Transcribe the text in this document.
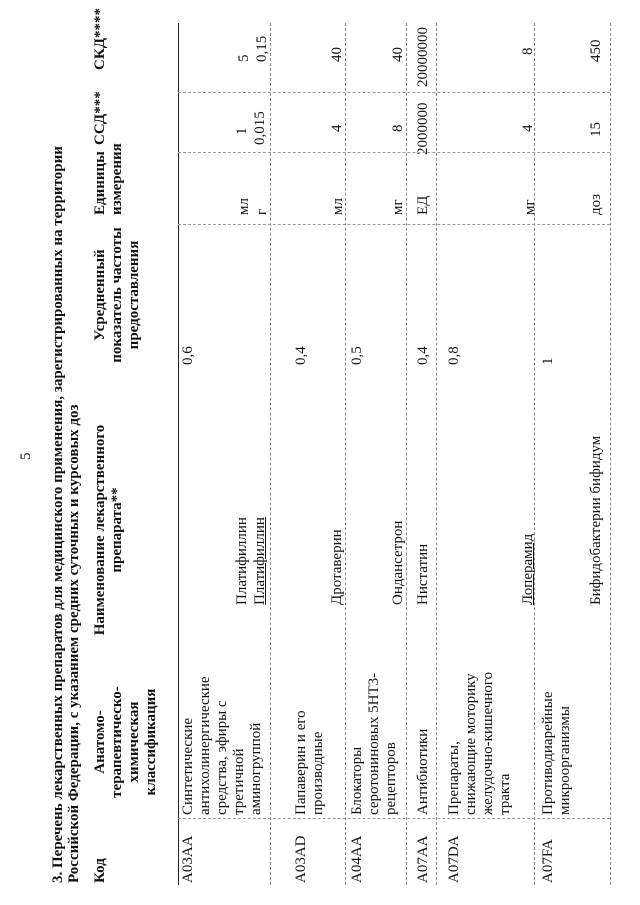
5 3. Перечень лекарственных препаратов для медицинского применения, зарегистрированных на территории Российской Федерации, с указанием средних суточных и курсовых доз Код
Анатомо-терапевтическо-химическая классификация
Наименование лекарственного препарата**
Усредненный показатель частоты предоставления
Единицы измерения
ССД***
СКД****
A03AA
Синтетические антихолинергические средства, эфиры с третичной аминогруппой
0,6
Платифиллин
мл
1
5
Платифиллин
г
0,015
0,15
A03AD
Папаверин и его производные
0,4
Дротаверин
мл
4
40
A04AA
Блокаторы серотониновых 5HT3-рецепторов
0,5
Ондансетрон
мг
8
40
A07AA
Антибиотики
Нистатин
0,4
ЕД
2000000
20000000
A07DA
Препараты, снижающие моторику желудочно-кишечного тракта
0,8
Лоперамид
мг
4
8
A07FA
Противодиарейные микроорганизмы
1
Бифидобактерии бифидум
доз
15
450
